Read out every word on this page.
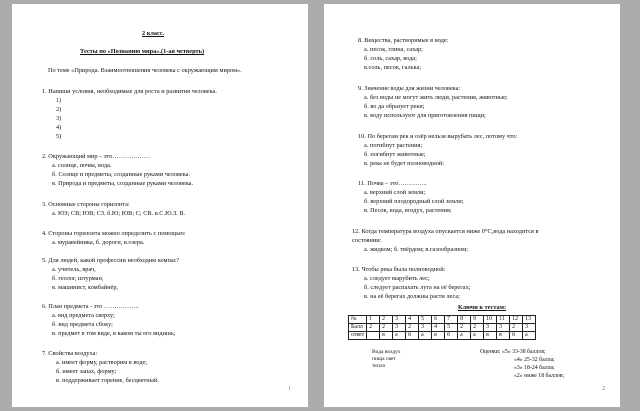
2 класс.
Тесты по «Познанию мира».(1-ая четверть)
По теме «Природа. Взаимоотношения человека с окружающим миром».
1. Напиши условия, необходимые для роста и развития человека.
1)
2)
3)
4)
5)
2. Окружающий мир – это………………
а. солнце, почва, вода.
б. Солнце и предметы, созданные руками человека.
в. Природа и предметы, созданные руками человека.
3. Основные стороны горизонта:
а. ЮЗ; СВ; ЮВ; СЗ. б.Ю; ЮВ; С; СВ. в.С.Ю.З. В.
4. Стороны горизонта можно определить с помощью:
а. муравейника, б. дороги, в.озера.
5. Для людей, какой профессии необходим компас?
а. учитель, врач,
б. геолог, штурман,
в. машинист, комбайнёр,
6. План предмета - это ……………..
а. вид предмета сверху;
б. вид предмета сбоку;
в. предмет в том виде, в каком ты его видишь;
7. Свойства воздуха:
а. имеет форму, растворим в воде;
б. имеет запах, форму;
в. поддерживает горение, бесцветный.
1
8. Вещества, растворимые в воде:
а. песок, глина, сахар;
б. соль, сахар, вода;
в.соль, песок, галька;
9. Значение воды для жизни человека:
а. без воды не могут жить люди, растения, животные;
б. во да образует реки;
в. воду используют для приготовления пищи;
10. По берегам рек и озёр нельзя вырубать лес, потому что:
а. погибнут растения;
б. погибнут животные;
в. река не будет полноводной;
11. Почва – это…………..
а. верхний слой земли;
б. верхний плодородный слой земли;
в. Песок, вода, воздух, растения;
12. Когда температура воздуха опускается ниже 0°С,вода находится в
состоянии:
а. жидком; б. твёрдом; в.газообразном;
13. Чтобы река была полноводной:
а. следует вырубить лес;
б. следует распахать луга на её берегах;
в. на её берегах должны расти леса;
Ключи к тестам:
№	1	2	3	4	5	6	7	8	9	10	11	12	13
Балл	2	2	3	2	3	4	5	2	2	3	3	2	3
ответ		в	а	б	а	в	б	а	а	в	в	б	а
Вода воздух
пища свет
тепло
Оценки: «5» 33-38 баллов;
«4» 25-32 балла;
«3» 18-24 балла;
«2» ниже 18 баллов;
2
